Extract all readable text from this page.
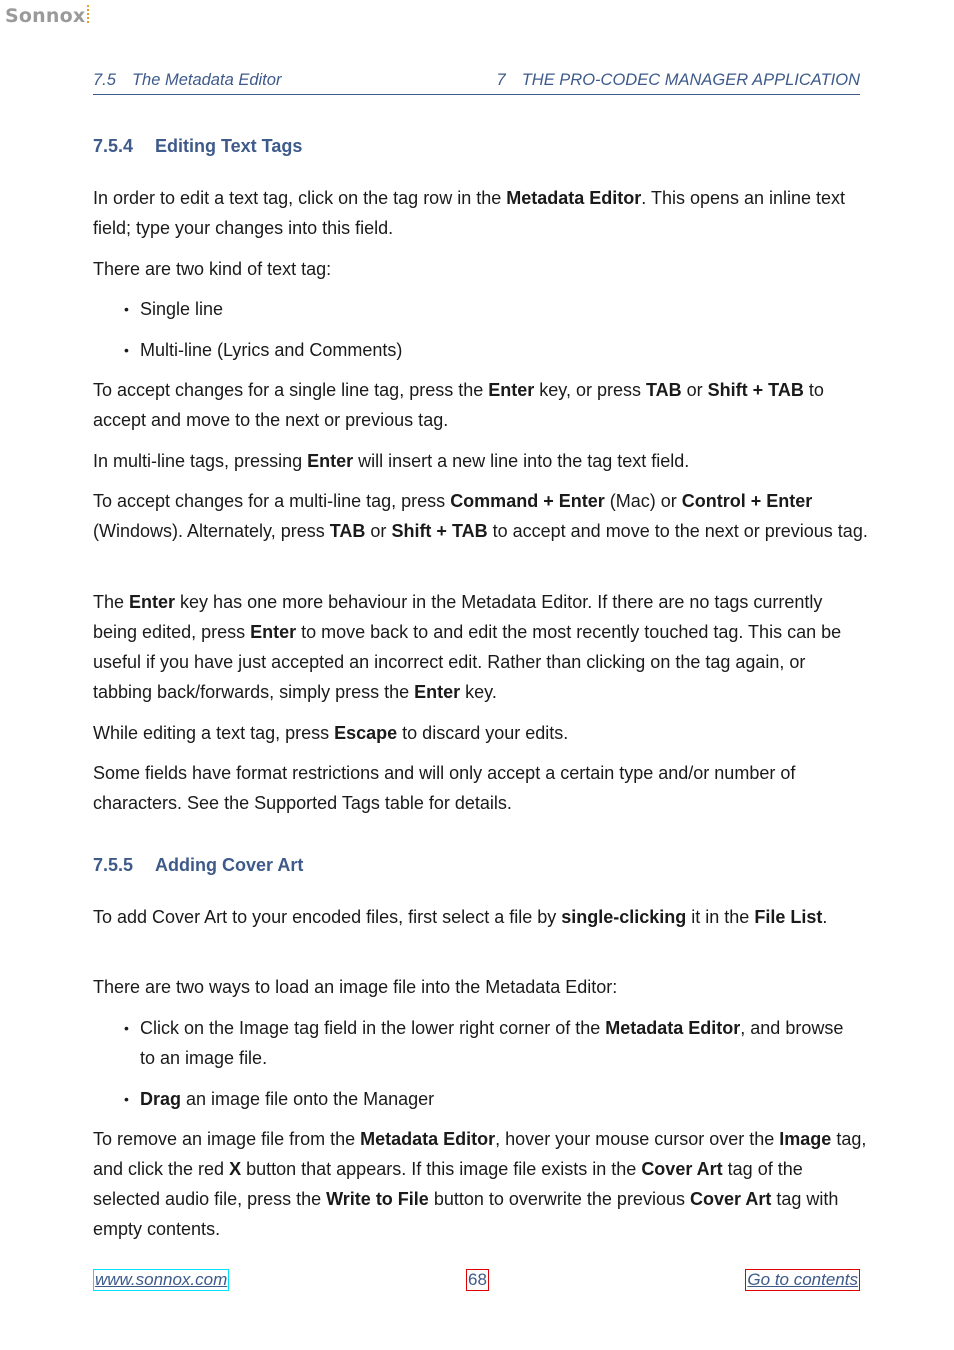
Sonnox
7.5 The Metadata Editor	7 THE PRO-CODEC MANAGER APPLICATION
7.5.4 Editing Text Tags
In order to edit a text tag, click on the tag row in the Metadata Editor. This opens an inline text field; type your changes into this field.
There are two kind of text tag:
• Single line
• Multi-line (Lyrics and Comments)
To accept changes for a single line tag, press the Enter key, or press TAB or Shift + TAB to accept and move to the next or previous tag.
In multi-line tags, pressing Enter will insert a new line into the tag text field.
To accept changes for a multi-line tag, press Command + Enter (Mac) or Control + Enter (Windows). Alternately, press TAB or Shift + TAB to accept and move to the next or previous tag.
The Enter key has one more behaviour in the Metadata Editor. If there are no tags currently being edited, press Enter to move back to and edit the most recently touched tag. This can be useful if you have just accepted an incorrect edit. Rather than clicking on the tag again, or tabbing back/forwards, simply press the Enter key.
While editing a text tag, press Escape to discard your edits.
Some fields have format restrictions and will only accept a certain type and/or number of characters. See the Supported Tags table for details.
7.5.5 Adding Cover Art
To add Cover Art to your encoded files, first select a file by single-clicking it in the File List.
There are two ways to load an image file into the Metadata Editor:
• Click on the Image tag field in the lower right corner of the Metadata Editor, and browse to an image file.
• Drag an image file onto the Manager
To remove an image file from the Metadata Editor, hover your mouse cursor over the Image tag, and click the red X button that appears. If this image file exists in the Cover Art tag of the selected audio file, press the Write to File button to overwrite the previous Cover Art tag with empty contents.
www.sonnox.com	68	Go to contents
